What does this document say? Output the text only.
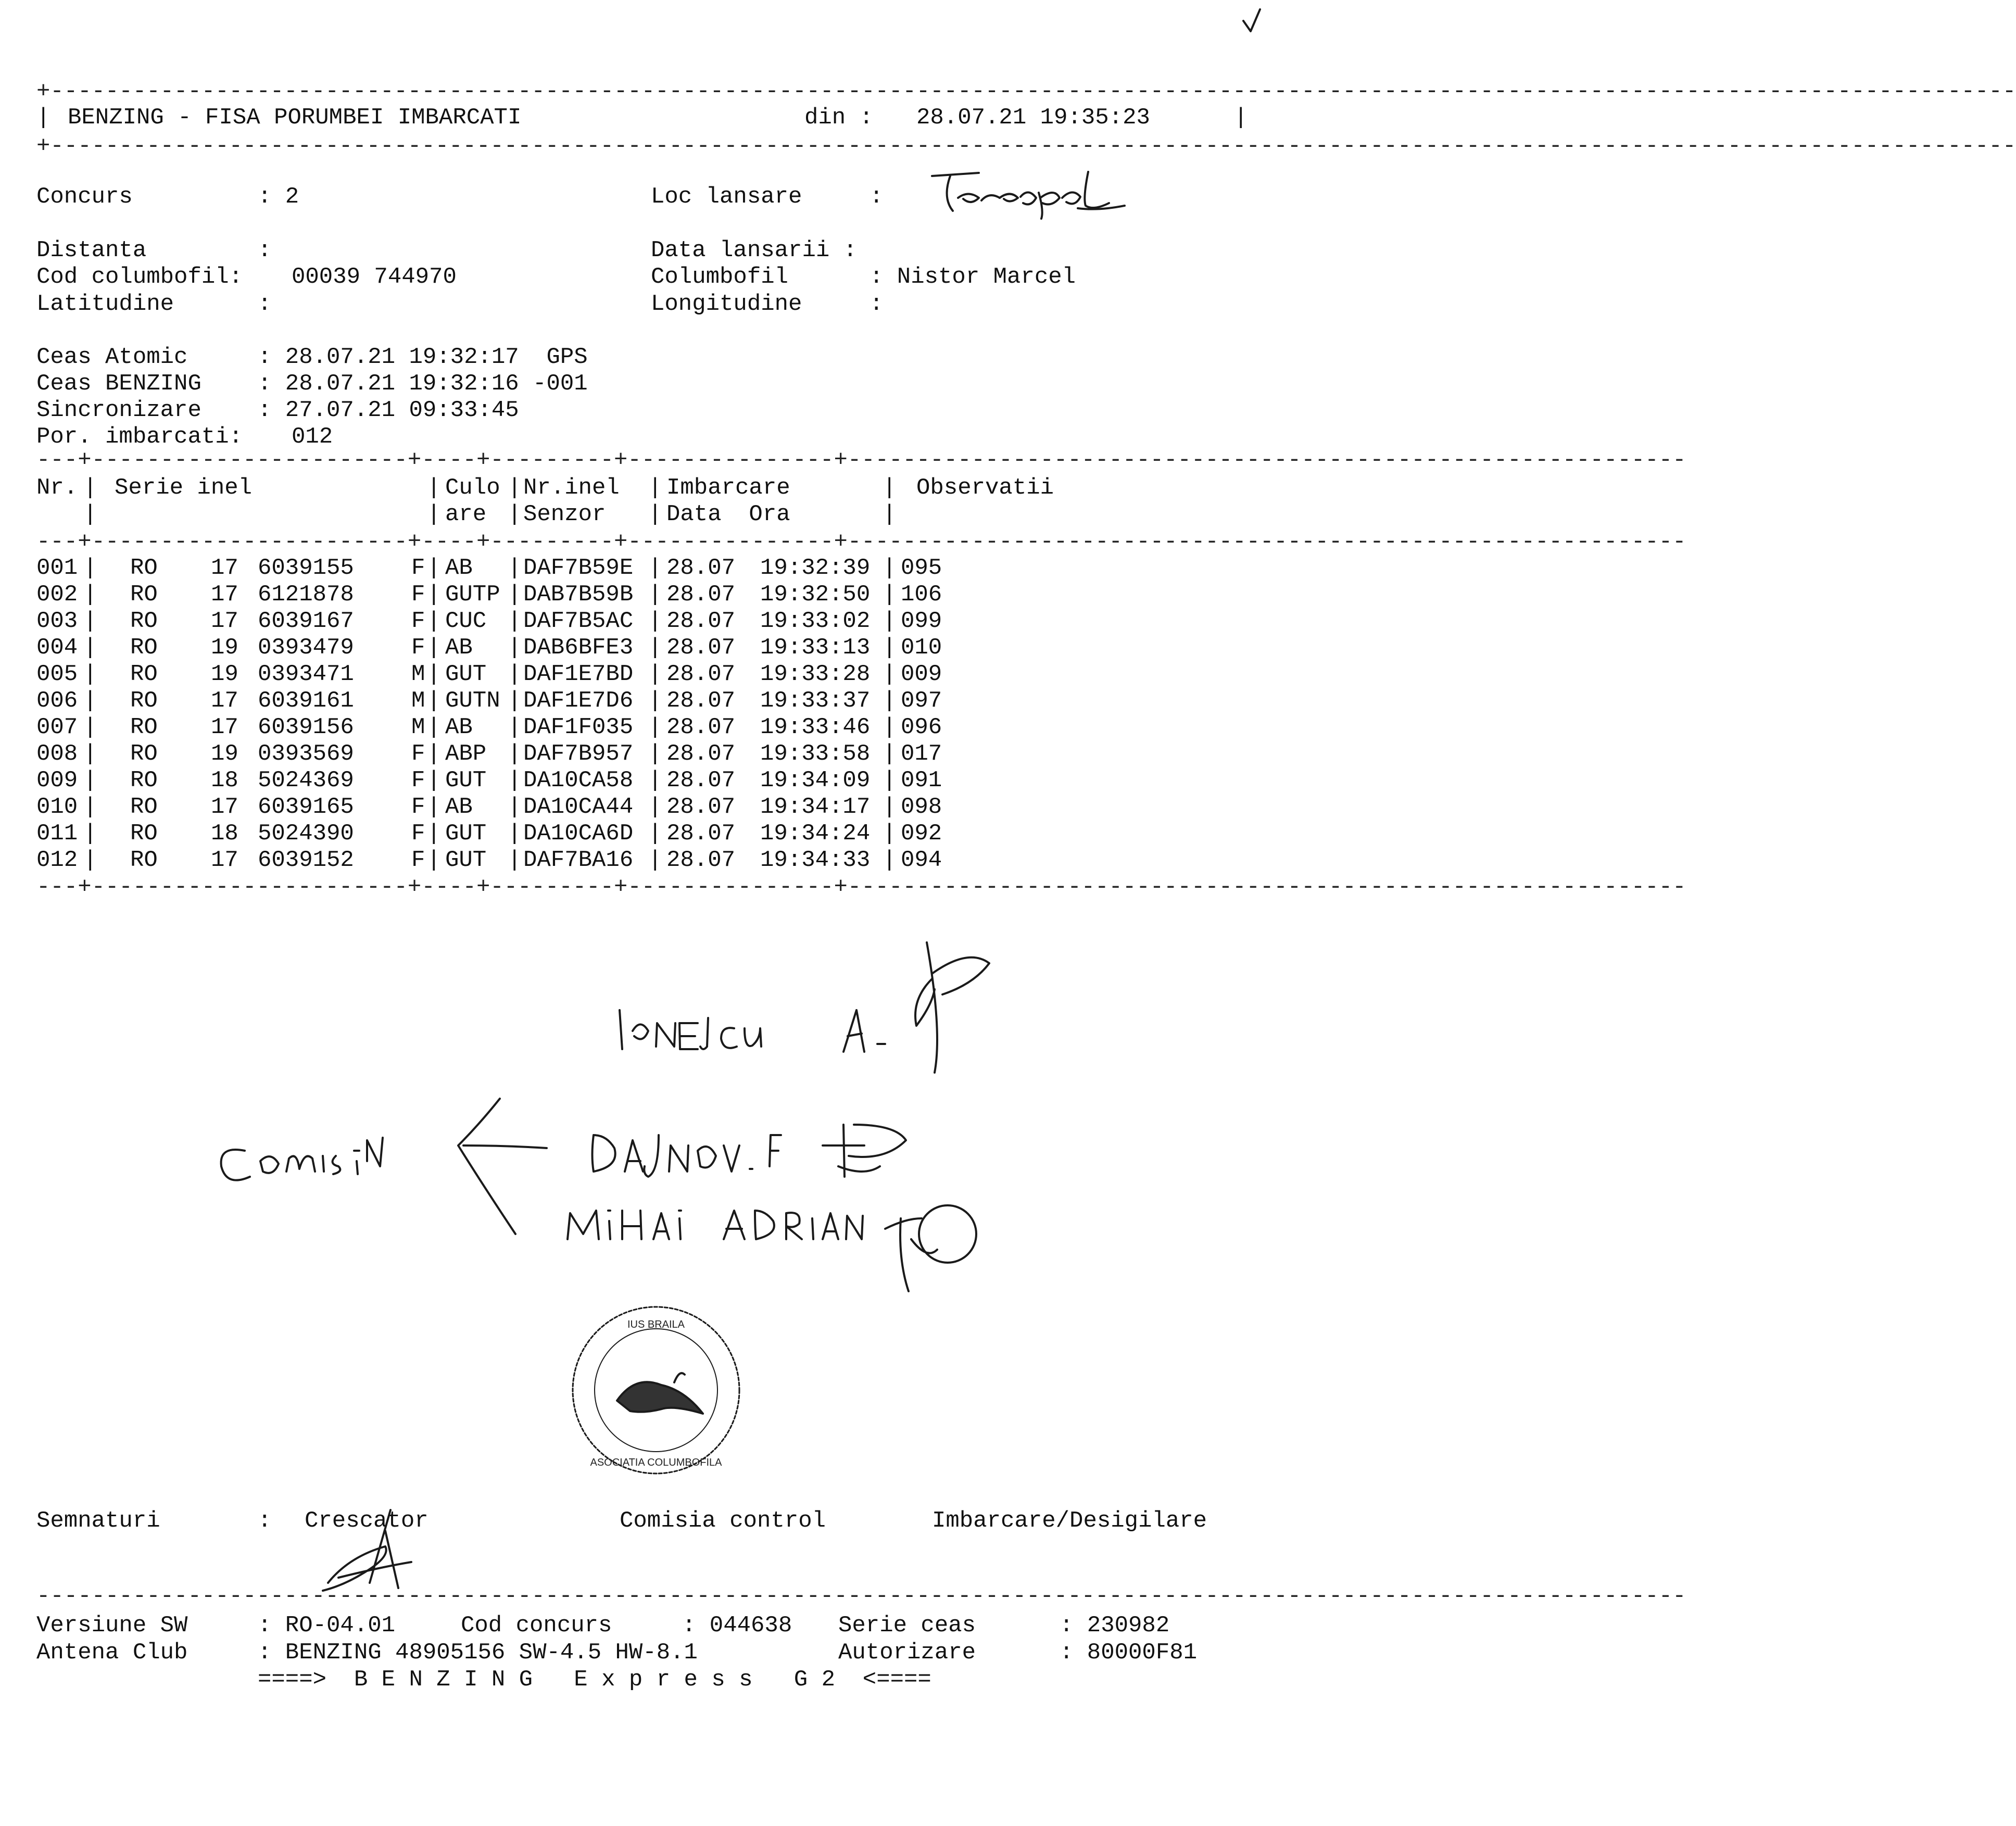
+-----------------------------------------------------------------------------------------------------------------------------------------------
|	|
BENZING - FISA PORUMBEI IMBARCATI	din : 28.07.21 19:35:23
+-----------------------------------------------------------------------------------------------------------------------------------------------
Concurs	: 2	Loc lansare	:
Distanta	:	Data lansarii :
Cod columbofil: 00039 744970	Columbofil	: Nistor Marcel
Latitudine	:	Longitudine	:
Ceas Atomic	: 28.07.21 19:32:17  GPS
Ceas BENZING : 28.07.21 19:32:16 -001
Sincronizare : 27.07.21 09:33:45
Por. imbarcati: 012
---+-----------------------+----+---------+---------------+-------------------------------------------------------------
Nr. | Serie inel	| Culo | Nr.inel | Imbarcare	| Observatii
|	| are | Senzor | Data  Ora	|
---+-----------------------+----+---------+---------------+-------------------------------------------------------------
001 | RO 17 6039155	F | AB | DAF7B59E | 28.07 19:32:39 | 095
002 | RO 17 6121878	F | GUTP | DAB7B59B | 28.07 19:32:50 | 106
003 | RO 17 6039167	F | CUC | DAF7B5AC | 28.07 19:33:02 | 099
004 | RO 19 0393479	F | AB | DAB6BFE3 | 28.07 19:33:13 | 010
005 | RO 19 0393471	M | GUT | DAF1E7BD | 28.07 19:33:28 | 009
006 | RO 17 6039161	M | GUTN | DAF1E7D6 | 28.07 19:33:37 | 097
007 | RO 17 6039156	M | AB | DAF1F035 | 28.07 19:33:46 | 096
008 | RO 19 0393569	F | ABP | DAF7B957 | 28.07 19:33:58 | 017
009 | RO 18 5024369	F | GUT | DA10CA58 | 28.07 19:34:09 | 091
010 | RO 17 6039165	F | AB | DA10CA44 | 28.07 19:34:17 | 098
011 | RO 18 5024390	F | GUT | DA10CA6D | 28.07 19:34:24 | 092
012 | RO 17 6039152	F | GUT | DAF7BA16 | 28.07 19:34:33 | 094
---+-----------------------+----+---------+---------------+-------------------------------------------------------------
IUS BRAILA
ASOCIATIA COLUMBOFILA
Semnaturi	: Crescator	Comisia control	Imbarcare/Desigilare
------------------------------------------------------------------------------------------------------------------------
Versiune SW	: RO-04.01	Cod concurs	: 044638 Serie ceas	: 230982
Antena Club	: BENZING 48905156 SW-4.5 HW-8.1	Autorizare	: 80000F81
====>  B E N Z I N G   E x p r e s s   G 2  <====
